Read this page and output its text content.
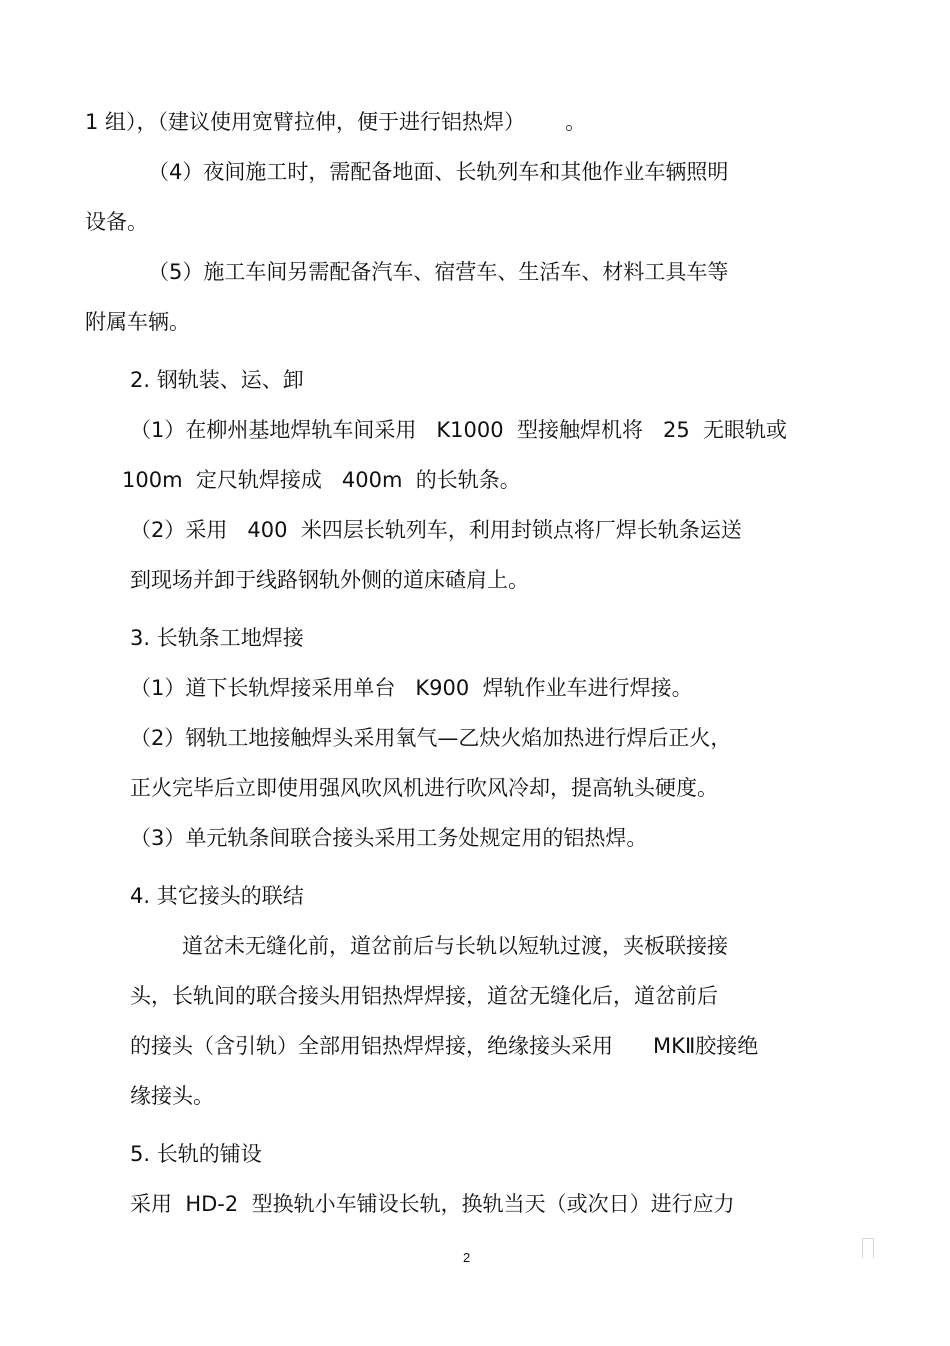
1 组），（建议使用宽臂拉伸，便于进行铝热焊）      。
（4）夜间施工时，需配备地面、长轨列车和其他作业车辆照明
设备。
（5）施工车间另需配备汽车、宿营车、生活车、材料工具车等
附属车辆。
2. 钢轨装、运、卸
（1）在柳州基地焊轨车间采用   K1000  型接触焊机将   25  无眼轨或
100m  定尺轨焊接成   400m  的长轨条。
（2）采用   400  米四层长轨列车，利用封锁点将厂焊长轨条运送
到现场并卸于线路钢轨外侧的道床碴肩上。
3. 长轨条工地焊接
（1）道下长轨焊接采用单台   K900  焊轨作业车进行焊接。
（2）钢轨工地接触焊头采用氧气—乙炔火焰加热进行焊后正火，
正火完毕后立即使用强风吹风机进行吹风冷却，提高轨头硬度。
（3）单元轨条间联合接头采用工务处规定用的铝热焊。
4. 其它接头的联结
道岔未无缝化前，道岔前后与长轨以短轨过渡，夹板联接接
头，长轨间的联合接头用铝热焊焊接，道岔无缝化后，道岔前后
的接头（含引轨）全部用铝热焊焊接，绝缘接头采用      MKⅡ胶接绝
缘接头。
5. 长轨的铺设
采用  HD-2  型换轨小车铺设长轨，换轨当天（或次日）进行应力
2
